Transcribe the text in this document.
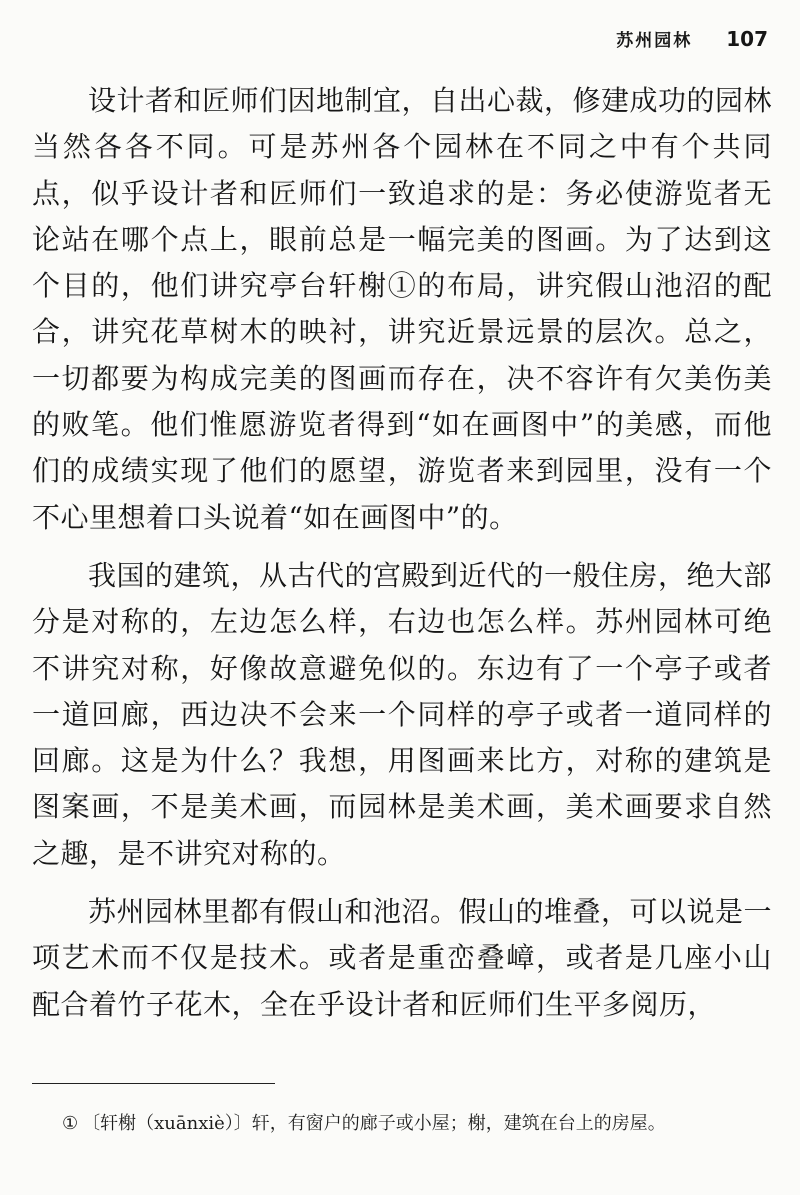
苏州园林 107

设计者和匠师们因地制宜，自出心裁，修建成功的园林当然各各不同。可是苏州各个园林在不同之中有个共同点，似乎设计者和匠师们一致追求的是：务必使游览者无论站在哪个点上，眼前总是一幅完美的图画。为了达到这个目的，他们讲究亭台轩榭①的布局，讲究假山池沼的配合，讲究花草树木的映衬，讲究近景远景的层次。总之，一切都要为构成完美的图画而存在，决不容许有欠美伤美的败笔。他们惟愿游览者得到“如在画图中”的美感，而他们的成绩实现了他们的愿望，游览者来到园里，没有一个不心里想着口头说着“如在画图中”的。

我国的建筑，从古代的宫殿到近代的一般住房，绝大部分是对称的，左边怎么样，右边也怎么样。苏州园林可绝不讲究对称，好像故意避免似的。东边有了一个亭子或者一道回廊，西边决不会来一个同样的亭子或者一道同样的回廊。这是为什么？我想，用图画来比方，对称的建筑是图案画，不是美术画，而园林是美术画，美术画要求自然之趣，是不讲究对称的。

苏州园林里都有假山和池沼。假山的堆叠，可以说是一项艺术而不仅是技术。或者是重峦叠嶂，或者是几座小山配合着竹子花木，全在乎设计者和匠师们生平多阅历，

① 〔轩榭（xuānxiè）〕轩，有窗户的廊子或小屋；榭，建筑在台上的房屋。
